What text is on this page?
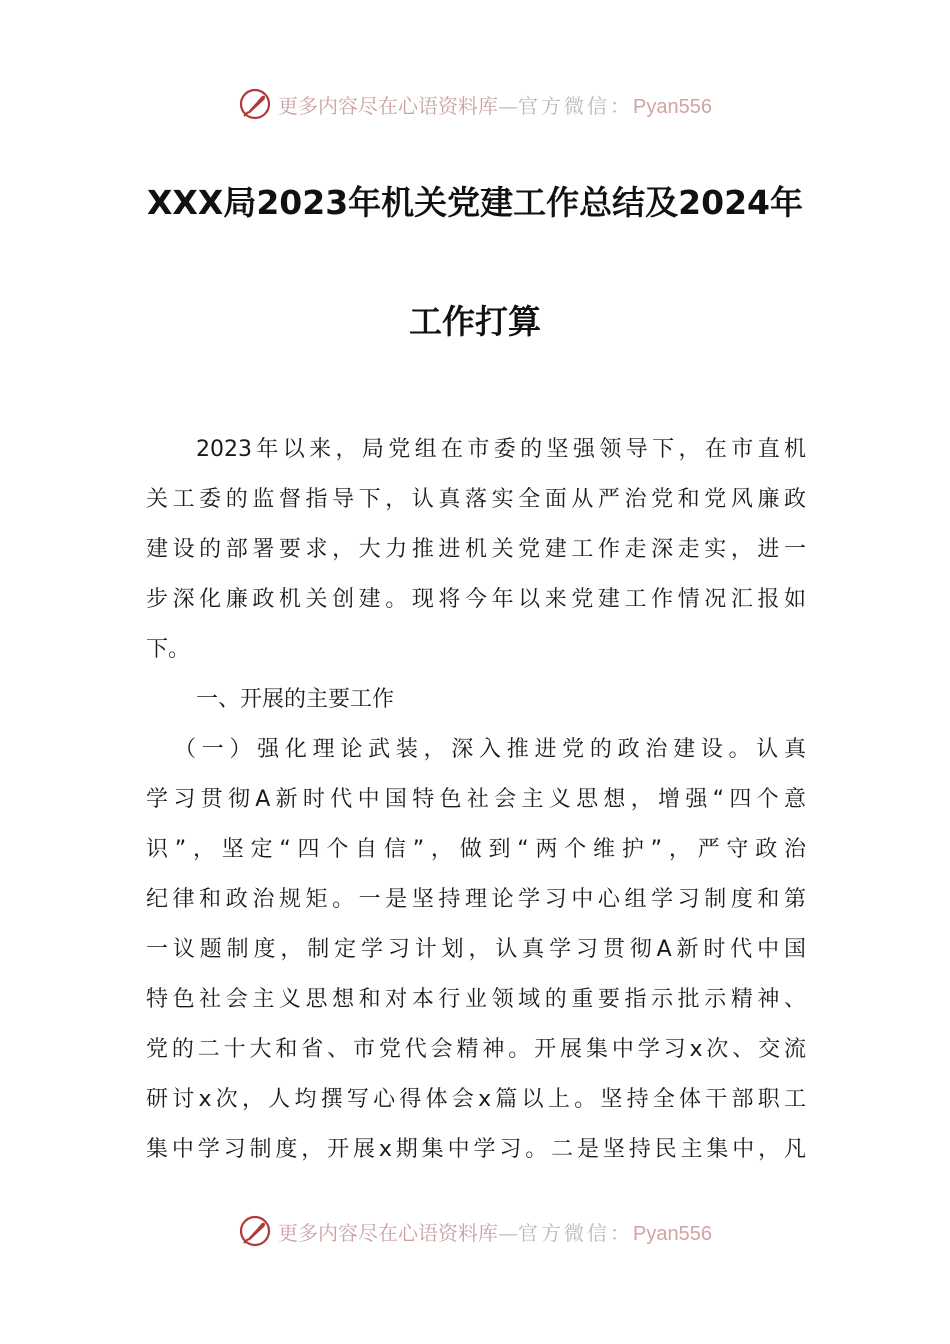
更多内容尽在心语资料库—官方微信：Pyan556
XXX局2023年机关党建工作总结及2024年
工作打算
2023年以来，局党组在市委的坚强领导下，在市直机
关工委的监督指导下，认真落实全面从严治党和党风廉政
建设的部署要求，大力推进机关党建工作走深走实，进一
步深化廉政机关创建。现将今年以来党建工作情况汇报如
下。
一、开展的主要工作
（一）强化理论武装，深入推进党的政治建设。认真
学习贯彻A新时代中国特色社会主义思想，增强“四个意
识”，坚定“四个自信”，做到“两个维护”，严守政治
纪律和政治规矩。一是坚持理论学习中心组学习制度和第
一议题制度，制定学习计划，认真学习贯彻A新时代中国
特色社会主义思想和对本行业领域的重要指示批示精神、
党的二十大和省、市党代会精神。开展集中学习x次、交流
研讨x次，人均撰写心得体会x篇以上。坚持全体干部职工
集中学习制度，开展x期集中学习。二是坚持民主集中，凡
更多内容尽在心语资料库—官方微信：Pyan556
